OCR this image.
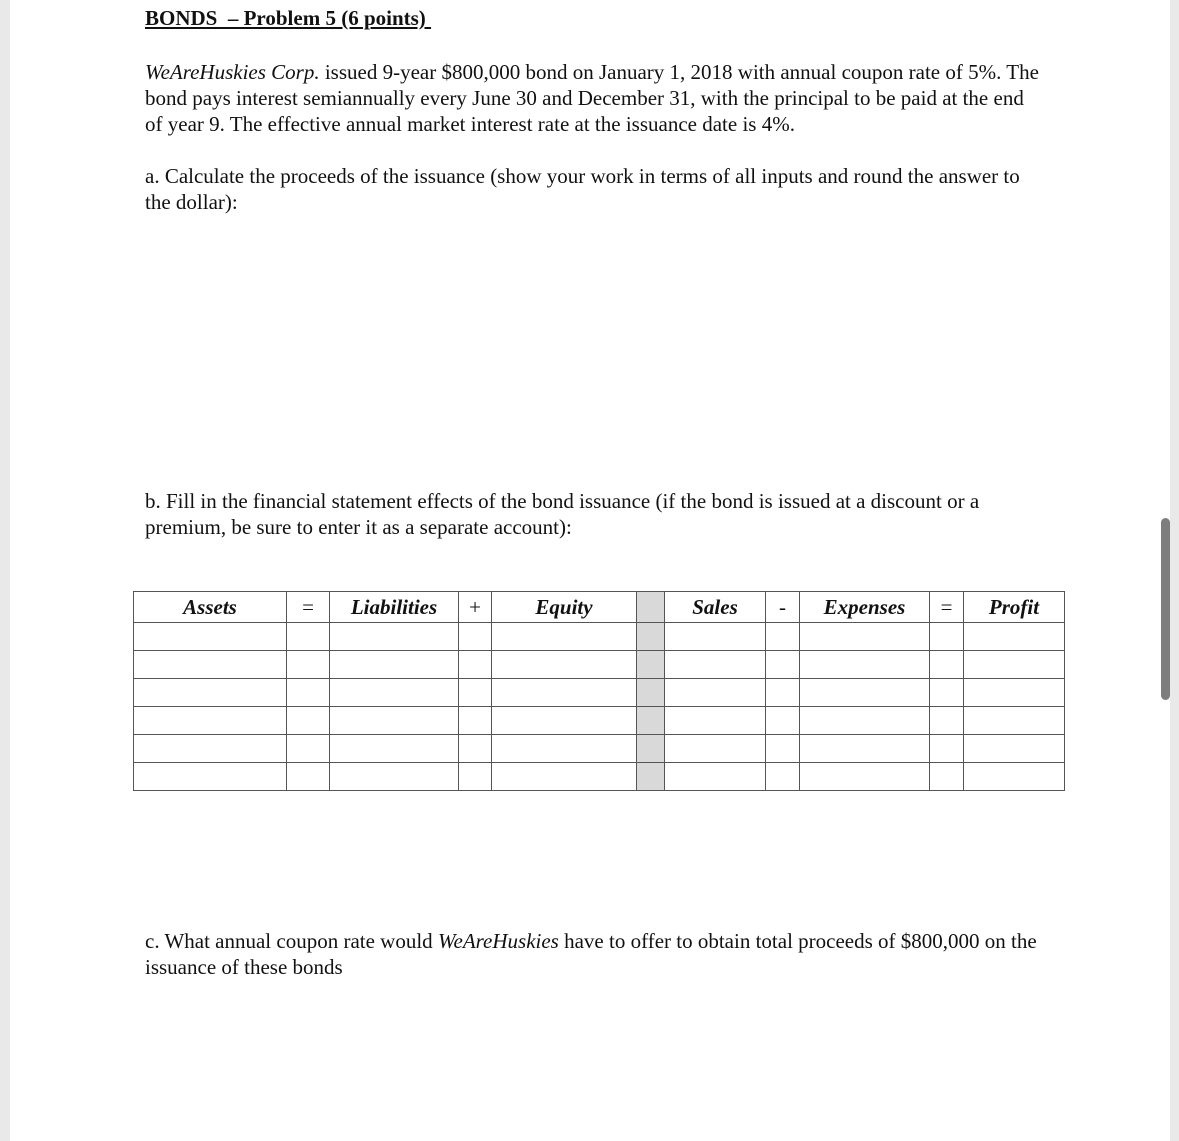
BONDS  – Problem 5 (6 points)
WeAreHuskies Corp. issued 9-year $800,000 bond on January 1, 2018 with annual coupon rate of 5%. The bond pays interest semiannually every June 30 and December 31, with the principal to be paid at the end of year 9. The effective annual market interest rate at the issuance date is 4%.
a. Calculate the proceeds of the issuance (show your work in terms of all inputs and round the answer to the dollar):
b. Fill in the financial statement effects of the bond issuance (if the bond is issued at a discount or a premium, be sure to enter it as a separate account):
Assets	=	Liabilities	+	Equity		Sales	-	Expenses	=	Profit

c. What annual coupon rate would WeAreHuskies have to offer to obtain total proceeds of $800,000 on the issuance of these bonds
